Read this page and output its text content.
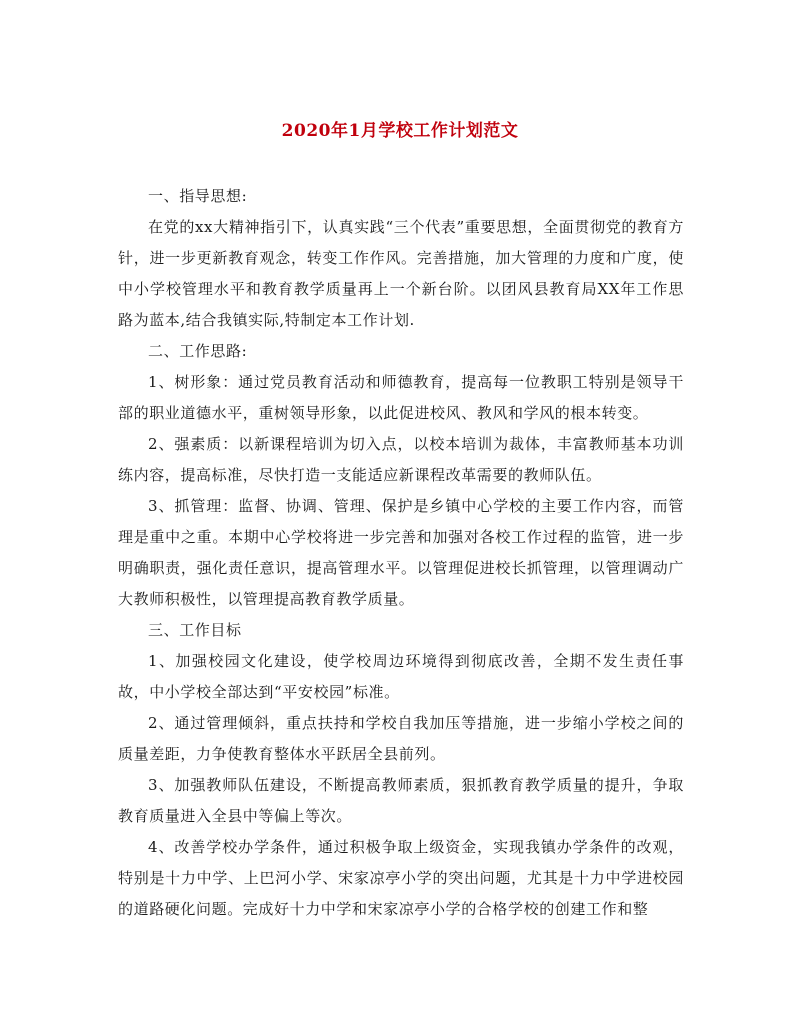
2020年1月学校工作计划范文

一、指导思想:

在党的xx大精神指引下，认真实践“三个代表”重要思想，全面贯彻党的教育方针，进一步更新教育观念，转变工作作风。完善措施，加大管理的力度和广度，使中小学校管理水平和教育教学质量再上一个新台阶。以团风县教育局XX年工作思路为蓝本,结合我镇实际,特制定本工作计划.

二、工作思路:

1、树形象：通过党员教育活动和师德教育，提高每一位教职工特别是领导干部的职业道德水平，重树领导形象，以此促进校风、教风和学风的根本转变。

2、强素质：以新课程培训为切入点，以校本培训为裁体，丰富教师基本功训练内容，提高标准，尽快打造一支能适应新课程改革需要的教师队伍。

3、抓管理：监督、协调、管理、保护是乡镇中心学校的主要工作内容，而管理是重中之重。本期中心学校将进一步完善和加强对各校工作过程的监管，进一步明确职责，强化责任意识，提高管理水平。以管理促进校长抓管理，以管理调动广大教师积极性，以管理提高教育教学质量。

三、工作目标

1、加强校园文化建设，使学校周边环境得到彻底改善，全期不发生责任事故，中小学校全部达到“平安校园”标准。

2、通过管理倾斜，重点扶持和学校自我加压等措施，进一步缩小学校之间的质量差距，力争使教育整体水平跃居全县前列。

3、加强教师队伍建设，不断提高教师素质，狠抓教育教学质量的提升，争取教育质量进入全县中等偏上等次。

4、改善学校办学条件，通过积极争取上级资金，实现我镇办学条件的改观，特别是十力中学、上巴河小学、宋家凉亭小学的突出问题，尤其是十力中学进校园的道路硬化问题。完成好十力中学和宋家凉亭小学的合格学校的创建工作和整
